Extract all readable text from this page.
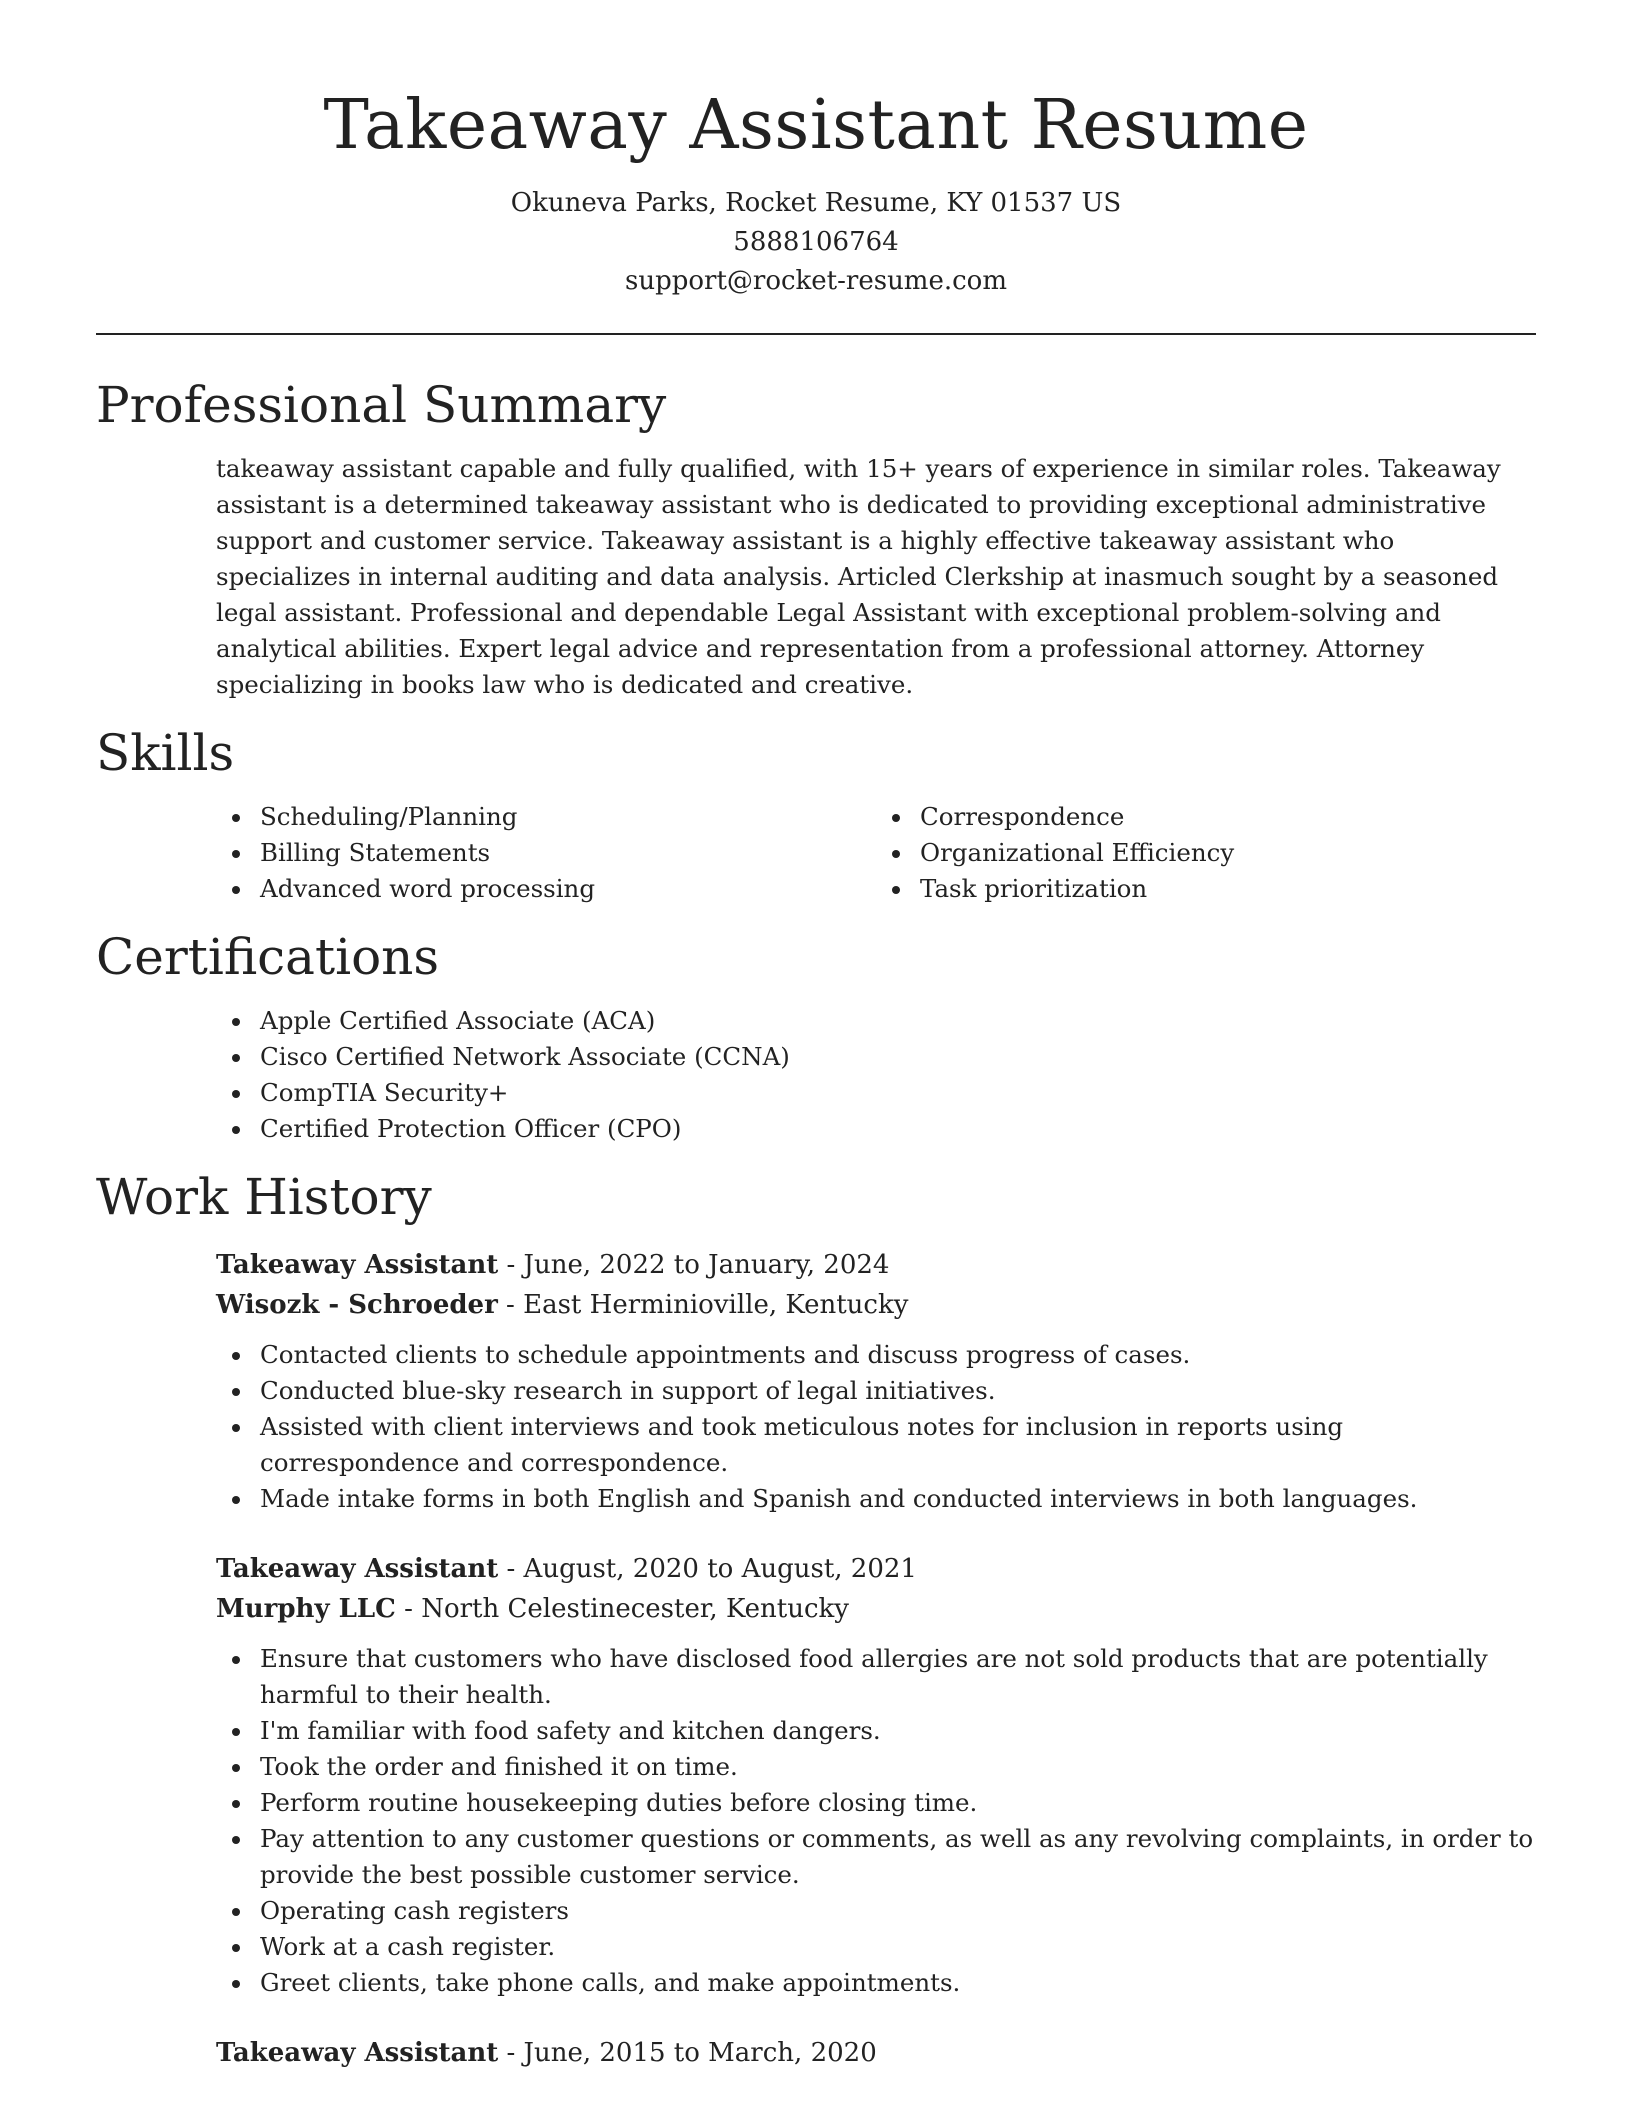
Takeaway Assistant Resume
Okuneva Parks, Rocket Resume, KY 01537 US
5888106764
support@rocket-resume.com
Professional Summary
takeaway assistant capable and fully qualified, with 15+ years of experience in similar roles. Takeaway assistant is a determined takeaway assistant who is dedicated to providing exceptional administrative support and customer service. Takeaway assistant is a highly effective takeaway assistant who specializes in internal auditing and data analysis. Articled Clerkship at inasmuch sought by a seasoned legal assistant. Professional and dependable Legal Assistant with exceptional problem-solving and analytical abilities. Expert legal advice and representation from a professional attorney. Attorney specializing in books law who is dedicated and creative.
Skills
Scheduling/Planning
Billing Statements
Advanced word processing
Correspondence
Organizational Efficiency
Task prioritization
Certifications
Apple Certified Associate (ACA)
Cisco Certified Network Associate (CCNA)
CompTIA Security+
Certified Protection Officer (CPO)
Work History
Takeaway Assistant - June, 2022 to January, 2024
Wisozk - Schroeder - East Herminioville, Kentucky
Contacted clients to schedule appointments and discuss progress of cases.
Conducted blue-sky research in support of legal initiatives.
Assisted with client interviews and took meticulous notes for inclusion in reports using correspondence and correspondence.
Made intake forms in both English and Spanish and conducted interviews in both languages.
Takeaway Assistant - August, 2020 to August, 2021
Murphy LLC - North Celestinecester, Kentucky
Ensure that customers who have disclosed food allergies are not sold products that are potentially harmful to their health.
I'm familiar with food safety and kitchen dangers.
Took the order and finished it on time.
Perform routine housekeeping duties before closing time.
Pay attention to any customer questions or comments, as well as any revolving complaints, in order to provide the best possible customer service.
Operating cash registers
Work at a cash register.
Greet clients, take phone calls, and make appointments.
Takeaway Assistant - June, 2015 to March, 2020
